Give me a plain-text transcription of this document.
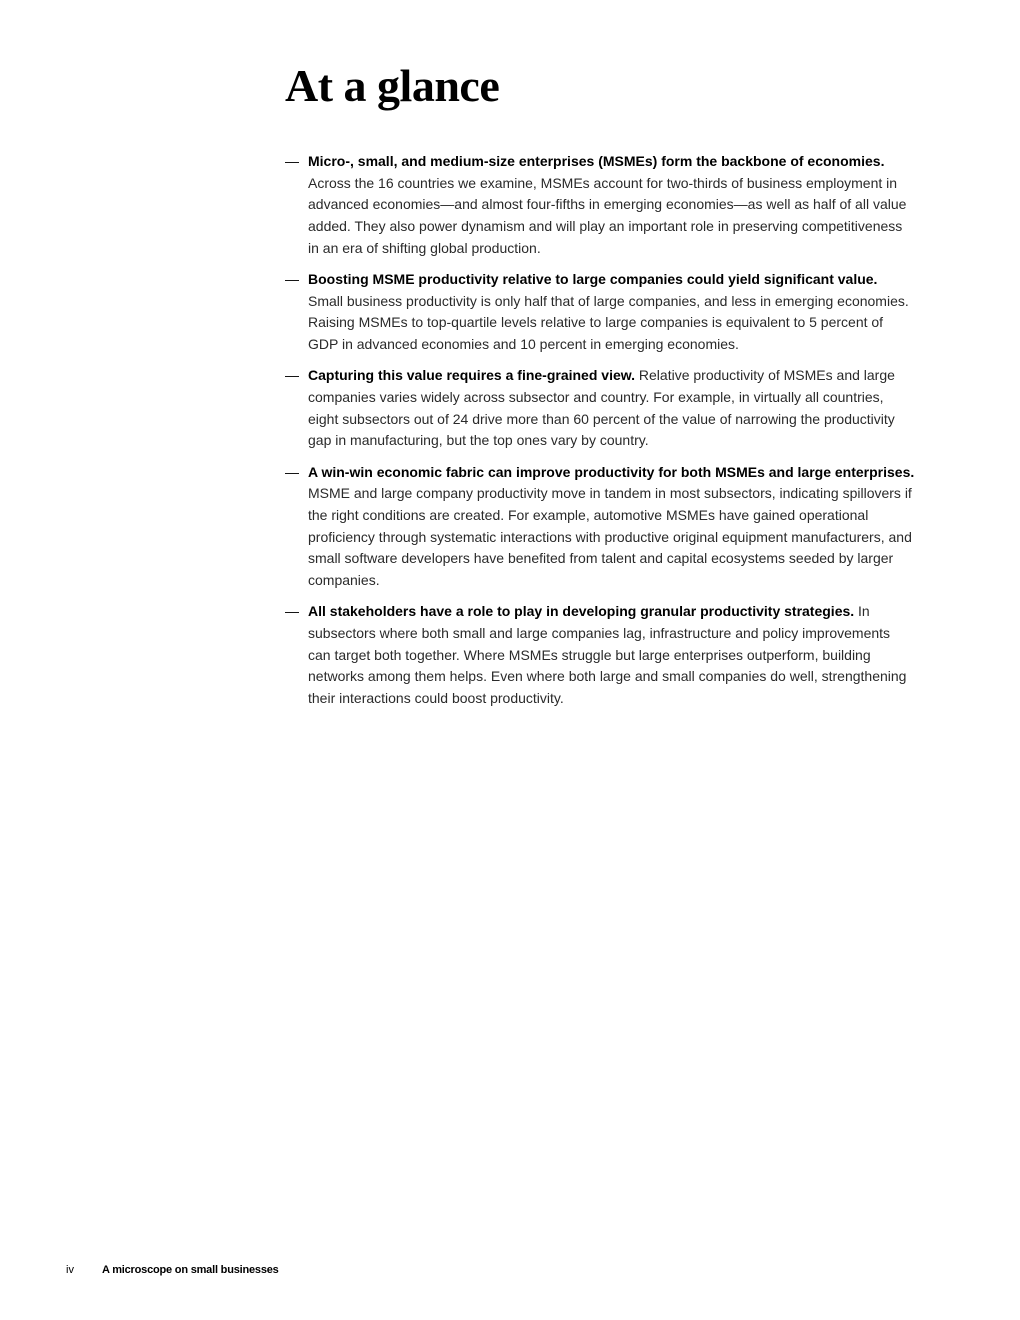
At a glance
— Micro-, small, and medium-size enterprises (MSMEs) form the backbone of economies. Across the 16 countries we examine, MSMEs account for two-thirds of business employment in advanced economies—and almost four-fifths in emerging economies—as well as half of all value added. They also power dynamism and will play an important role in preserving competitiveness in an era of shifting global production.
— Boosting MSME productivity relative to large companies could yield significant value. Small business productivity is only half that of large companies, and less in emerging economies. Raising MSMEs to top-quartile levels relative to large companies is equivalent to 5 percent of GDP in advanced economies and 10 percent in emerging economies.
— Capturing this value requires a fine-grained view. Relative productivity of MSMEs and large companies varies widely across subsector and country. For example, in virtually all countries, eight subsectors out of 24 drive more than 60 percent of the value of narrowing the productivity gap in manufacturing, but the top ones vary by country.
— A win-win economic fabric can improve productivity for both MSMEs and large enterprises. MSME and large company productivity move in tandem in most subsectors, indicating spillovers if the right conditions are created. For example, automotive MSMEs have gained operational proficiency through systematic interactions with productive original equipment manufacturers, and small software developers have benefited from talent and capital ecosystems seeded by larger companies.
— All stakeholders have a role to play in developing granular productivity strategies. In subsectors where both small and large companies lag, infrastructure and policy improvements can target both together. Where MSMEs struggle but large enterprises outperform, building networks among them helps. Even where both large and small companies do well, strengthening their interactions could boost productivity.
iv	A microscope on small businesses
